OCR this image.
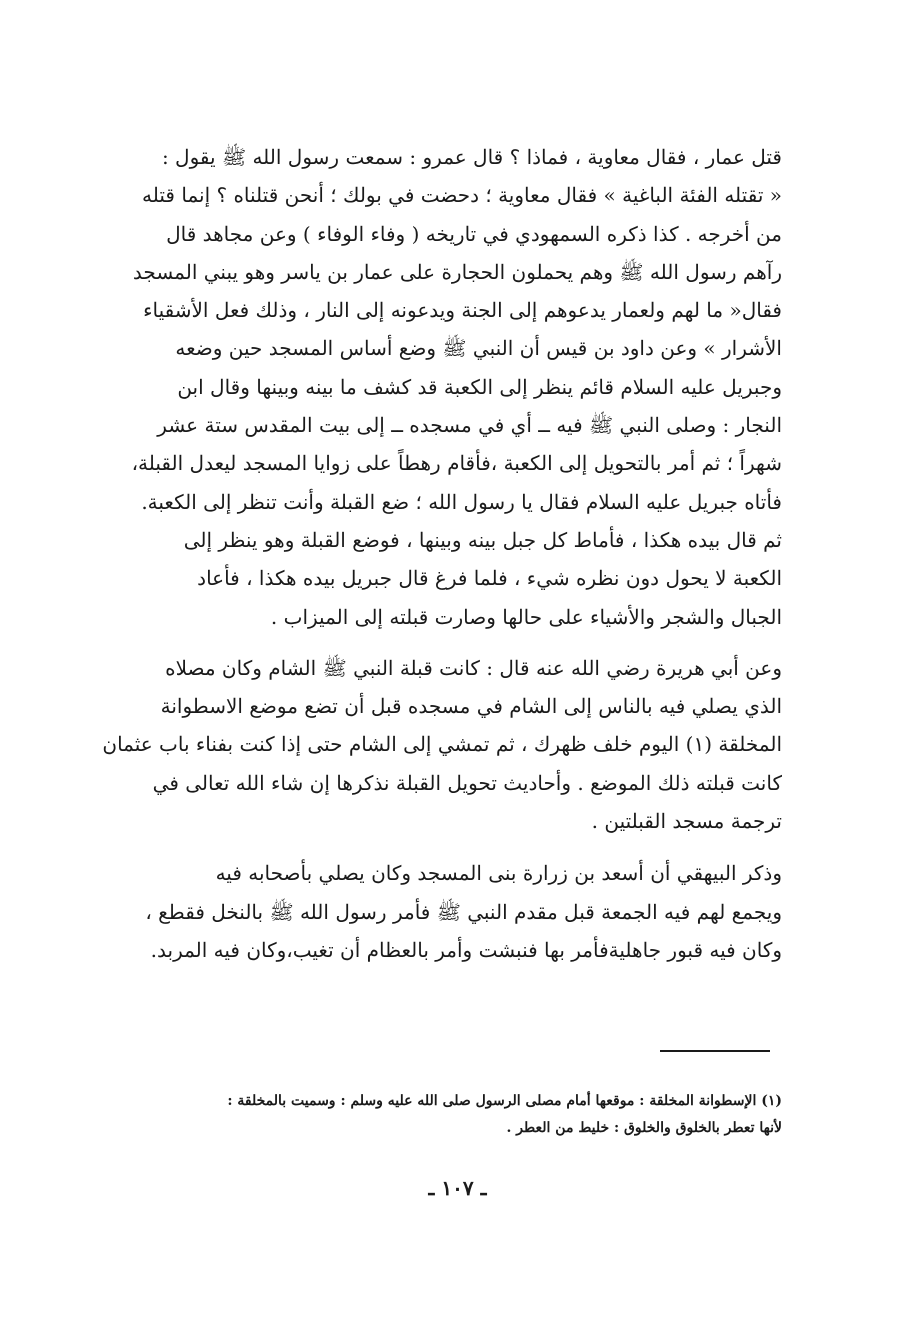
قتل عمار ، فقال معاوية ، فماذا ؟ قال عمرو : سمعت رسول الله ﷺ يقول :
« تقتله الفئة الباغية » فقال معاوية ؛ دحضت في بولك ؛ أنحن قتلناه ؟ إنما قتله
من أخرجه . كذا ذكره السمهودي في تاريخه ( وفاء الوفاء ) وعن مجاهد قال
رآهم رسول الله ﷺ وهم يحملون الحجارة على عمار بن ياسر وهو يبني المسجد
فقال« ما لهم ولعمار يدعوهم إلى الجنة ويدعونه إلى النار ، وذلك فعل الأشقياء
الأشرار » وعن داود بن قيس أن النبي ﷺ وضع أساس المسجد حين وضعه
وجبريل عليه السلام قائم ينظر إلى الكعبة قد كشف ما بينه وبينها وقال ابن
النجار : وصلى النبي ﷺ فيه ــ أي في مسجده ــ إلى بيت المقدس ستة عشر
شهراً ؛ ثم أمر بالتحويل إلى الكعبة ،فأقام رهطاً على زوايا المسجد ليعدل القبلة،
فأتاه جبريل عليه السلام فقال يا رسول الله ؛ ضع القبلة وأنت تنظر إلى الكعبة.
ثم قال بيده هكذا ، فأماط كل جبل بينه وبينها ، فوضع القبلة وهو ينظر إلى
الكعبة لا يحول دون نظره شيء ، فلما فرغ قال جبريل بيده هكذا ، فأعاد
الجبال والشجر والأشياء على حالها وصارت قبلته إلى الميزاب .
وعن أبي هريرة رضي الله عنه قال : كانت قبلة النبي ﷺ الشام وكان مصلاه
الذي يصلي فيه بالناس إلى الشام في مسجده قبل أن تضع موضع الاسطوانة
المخلقة (١) اليوم خلف ظهرك ، ثم تمشي إلى الشام حتى إذا كنت بفناء باب عثمان
كانت قبلته ذلك الموضع . وأحاديث تحويل القبلة نذكرها إن شاء الله تعالى في
ترجمة مسجد القبلتين .
وذكر البيهقي أن أسعد بن زرارة بنى المسجد وكان يصلي بأصحابه فيه
ويجمع لهم فيه الجمعة قبل مقدم النبي ﷺ فأمر رسول الله ﷺ بالنخل فقطع ،
وكان فيه قبور جاهليةفأمر بها فنبشت وأمر بالعظام أن تغيب،وكان فيه المربد.
(١) الإسطوانة المخلقة : موقعها أمام مصلى الرسول صلى الله عليه وسلم : وسميت بالمخلقة :
لأنها تعطر بالخلوق والخلوق : خليط من العطر .
ـ ١٠٧ ـ
